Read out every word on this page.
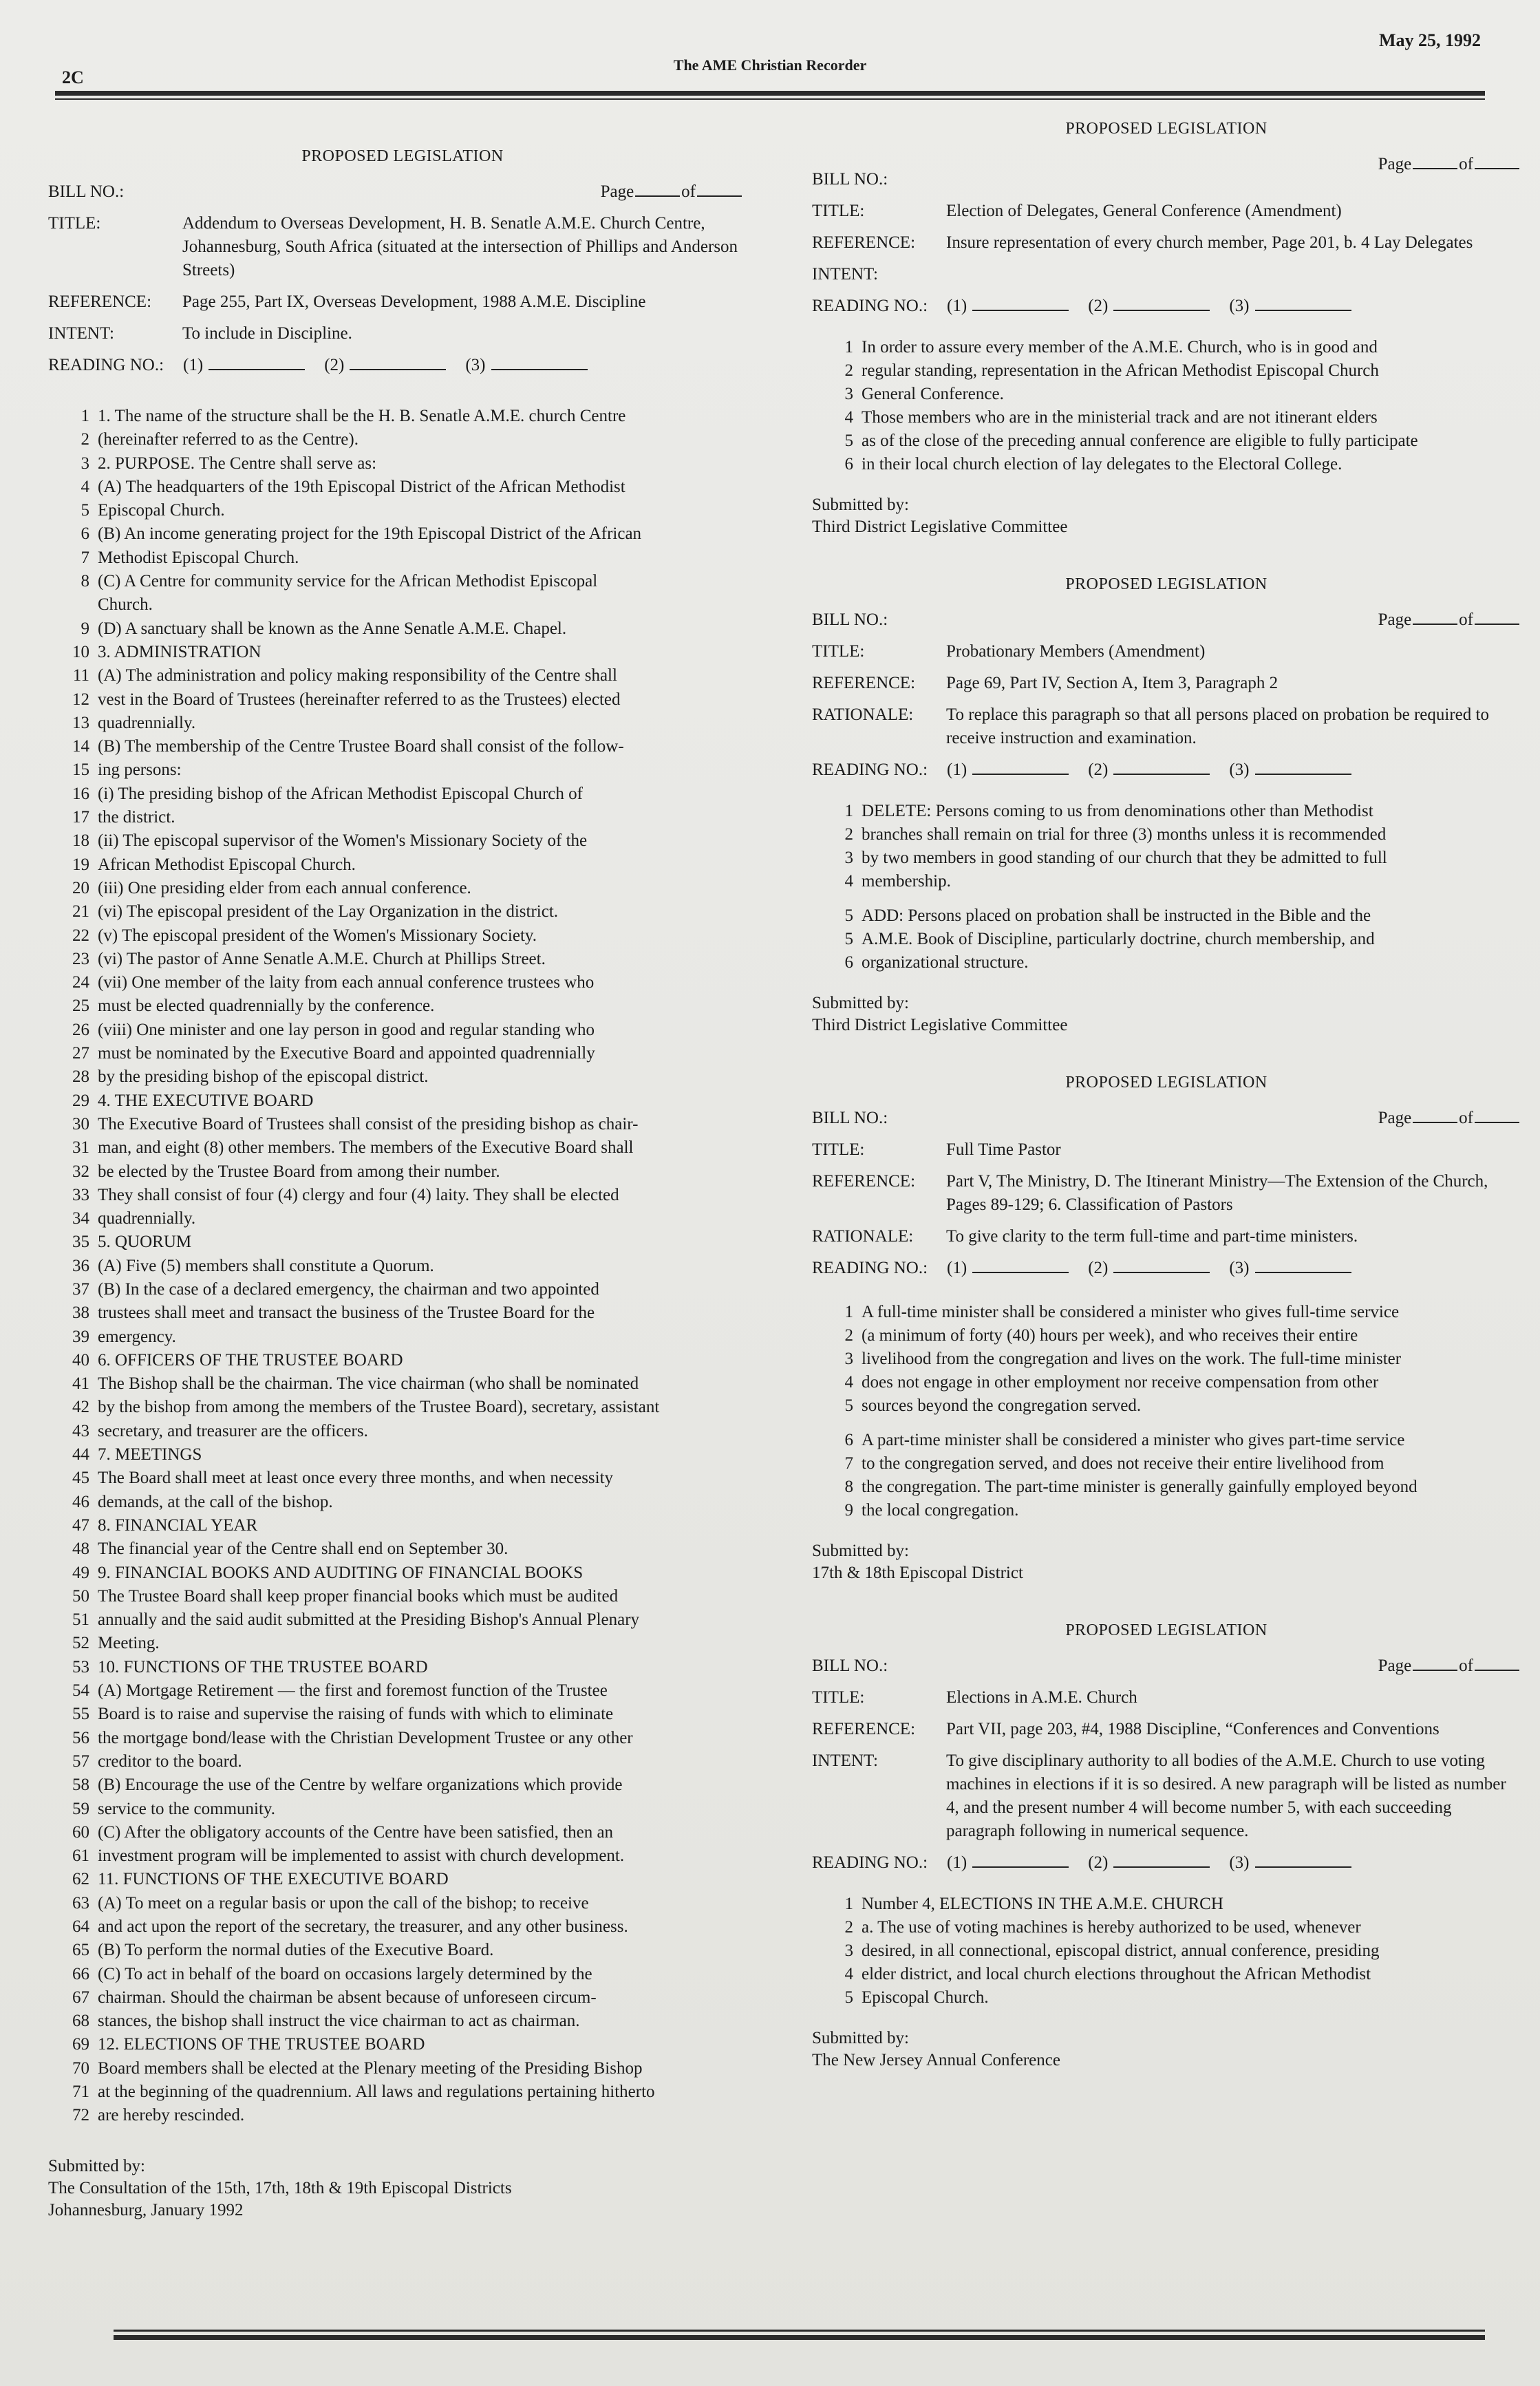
May 25, 1992
2C
The AME Christian Recorder
PROPOSED LEGISLATION
BILL NO.:	Page	of
TITLE:	Addendum to Overseas Development, H. B. Senatle A.M.E. Church Centre, Johannesburg, South Africa (situated at the intersection of Phillips and Anderson Streets)
REFERENCE:	Page 255, Part IX, Overseas Development, 1988 A.M.E. Discipline
INTENT:	To include in Discipline.
READING NO.: (1)	(2)	(3)
1 1. The name of the structure shall be the H. B. Senatle A.M.E. church Centre
2 (hereinafter referred to as the Centre).
3 2. PURPOSE. The Centre shall serve as:
4 (A) The headquarters of the 19th Episcopal District of the African Methodist
5 Episcopal Church.
6 (B) An income generating project for the 19th Episcopal District of the African
7 Methodist Episcopal Church.
8 (C) A Centre for community service for the African Methodist Episcopal
Church.
9 (D) A sanctuary shall be known as the Anne Senatle A.M.E. Chapel.
10 3. ADMINISTRATION
11 (A) The administration and policy making responsibility of the Centre shall
12 vest in the Board of Trustees (hereinafter referred to as the Trustees) elected
13 quadrennially.
14 (B) The membership of the Centre Trustee Board shall consist of the follow-
15 ing persons:
16 (i) The presiding bishop of the African Methodist Episcopal Church of
17 the district.
18 (ii) The episcopal supervisor of the Women's Missionary Society of the
19 African Methodist Episcopal Church.
20 (iii) One presiding elder from each annual conference.
21 (vi) The episcopal president of the Lay Organization in the district.
22 (v) The episcopal president of the Women's Missionary Society.
23 (vi) The pastor of Anne Senatle A.M.E. Church at Phillips Street.
24 (vii) One member of the laity from each annual conference trustees who
25 must be elected quadrennially by the conference.
26 (viii) One minister and one lay person in good and regular standing who
27 must be nominated by the Executive Board and appointed quadrennially
28 by the presiding bishop of the episcopal district.
29 4. THE EXECUTIVE BOARD
30 The Executive Board of Trustees shall consist of the presiding bishop as chair-
31 man, and eight (8) other members. The members of the Executive Board shall
32 be elected by the Trustee Board from among their number.
33 They shall consist of four (4) clergy and four (4) laity. They shall be elected
34 quadrennially.
35 5. QUORUM
36 (A) Five (5) members shall constitute a Quorum.
37 (B) In the case of a declared emergency, the chairman and two appointed
38 trustees shall meet and transact the business of the Trustee Board for the
39 emergency.
40 6. OFFICERS OF THE TRUSTEE BOARD
41 The Bishop shall be the chairman. The vice chairman (who shall be nominated
42 by the bishop from among the members of the Trustee Board), secretary, assistant
43 secretary, and treasurer are the officers.
44 7. MEETINGS
45 The Board shall meet at least once every three months, and when necessity
46 demands, at the call of the bishop.
47 8. FINANCIAL YEAR
48 The financial year of the Centre shall end on September 30.
49 9. FINANCIAL BOOKS AND AUDITING OF FINANCIAL BOOKS
50 The Trustee Board shall keep proper financial books which must be audited
51 annually and the said audit submitted at the Presiding Bishop's Annual Plenary
52 Meeting.
53 10. FUNCTIONS OF THE TRUSTEE BOARD
54 (A) Mortgage Retirement — the first and foremost function of the Trustee
55 Board is to raise and supervise the raising of funds with which to eliminate
56 the mortgage bond/lease with the Christian Development Trustee or any other
57 creditor to the board.
58 (B) Encourage the use of the Centre by welfare organizations which provide
59 service to the community.
60 (C) After the obligatory accounts of the Centre have been satisfied, then an
61 investment program will be implemented to assist with church development.
62 11. FUNCTIONS OF THE EXECUTIVE BOARD
63 (A) To meet on a regular basis or upon the call of the bishop; to receive
64 and act upon the report of the secretary, the treasurer, and any other business.
65 (B) To perform the normal duties of the Executive Board.
66 (C) To act in behalf of the board on occasions largely determined by the
67 chairman. Should the chairman be absent because of unforeseen circum-
68 stances, the bishop shall instruct the vice chairman to act as chairman.
69 12. ELECTIONS OF THE TRUSTEE BOARD
70 Board members shall be elected at the Plenary meeting of the Presiding Bishop
71 at the beginning of the quadrennium. All laws and regulations pertaining hitherto
72 are hereby rescinded.
Submitted by:
The Consultation of the 15th, 17th, 18th & 19th Episcopal Districts
Johannesburg, January 1992
PROPOSED LEGISLATION
BILL NO.:
Page	of
TITLE:	Election of Delegates, General Conference (Amendment)
REFERENCE:	Insure representation of every church member, Page 201, b. 4 Lay Delegates
INTENT:
READING NO.: (1)	(2)	(3)
1 In order to assure every member of the A.M.E. Church, who is in good and
2 regular standing, representation in the African Methodist Episcopal Church
3 General Conference.
4 Those members who are in the ministerial track and are not itinerant elders
5 as of the close of the preceding annual conference are eligible to fully participate
6 in their local church election of lay delegates to the Electoral College.
Submitted by:
Third District Legislative Committee
PROPOSED LEGISLATION
BILL NO.:	Page	of
TITLE:	Probationary Members (Amendment)
REFERENCE:	Page 69, Part IV, Section A, Item 3, Paragraph 2
RATIONALE:	To replace this paragraph so that all persons placed on probation be required to receive instruction and examination.
READING NO.: (1)	(2)	(3)
1 DELETE: Persons coming to us from denominations other than Methodist
2 branches shall remain on trial for three (3) months unless it is recommended
3 by two members in good standing of our church that they be admitted to full
4 membership.
5 ADD: Persons placed on probation shall be instructed in the Bible and the
5 A.M.E. Book of Discipline, particularly doctrine, church membership, and
6 organizational structure.
Submitted by:
Third District Legislative Committee
PROPOSED LEGISLATION
BILL NO.:	Page	of
TITLE:	Full Time Pastor
REFERENCE:	Part V, The Ministry, D. The Itinerant Ministry—The Extension of the Church, Pages 89-129; 6. Classification of Pastors
RATIONALE:	To give clarity to the term full-time and part-time ministers.
READING NO.: (1)	(2)	(3)
1 A full-time minister shall be considered a minister who gives full-time service
2 (a minimum of forty (40) hours per week), and who receives their entire
3 livelihood from the congregation and lives on the work. The full-time minister
4 does not engage in other employment nor receive compensation from other
5 sources beyond the congregation served.
6 A part-time minister shall be considered a minister who gives part-time service
7 to the congregation served, and does not receive their entire livelihood from
8 the congregation. The part-time minister is generally gainfully employed beyond
9 the local congregation.
Submitted by:
17th & 18th Episcopal District
PROPOSED LEGISLATION
BILL NO.:	Page	of
TITLE:	Elections in A.M.E. Church
REFERENCE:	Part VII, page 203, #4, 1988 Discipline, “Conferences and Conventions
INTENT:	To give disciplinary authority to all bodies of the A.M.E. Church to use voting machines in elections if it is so desired. A new paragraph will be listed as number 4, and the present number 4 will become number 5, with each succeeding paragraph following in numerical sequence.
READING NO.: (1)	(2)	(3)
1 Number 4, ELECTIONS IN THE A.M.E. CHURCH
2 a. The use of voting machines is hereby authorized to be used, whenever
3 desired, in all connectional, episcopal district, annual conference, presiding
4 elder district, and local church elections throughout the African Methodist
5 Episcopal Church.
Submitted by:
The New Jersey Annual Conference
